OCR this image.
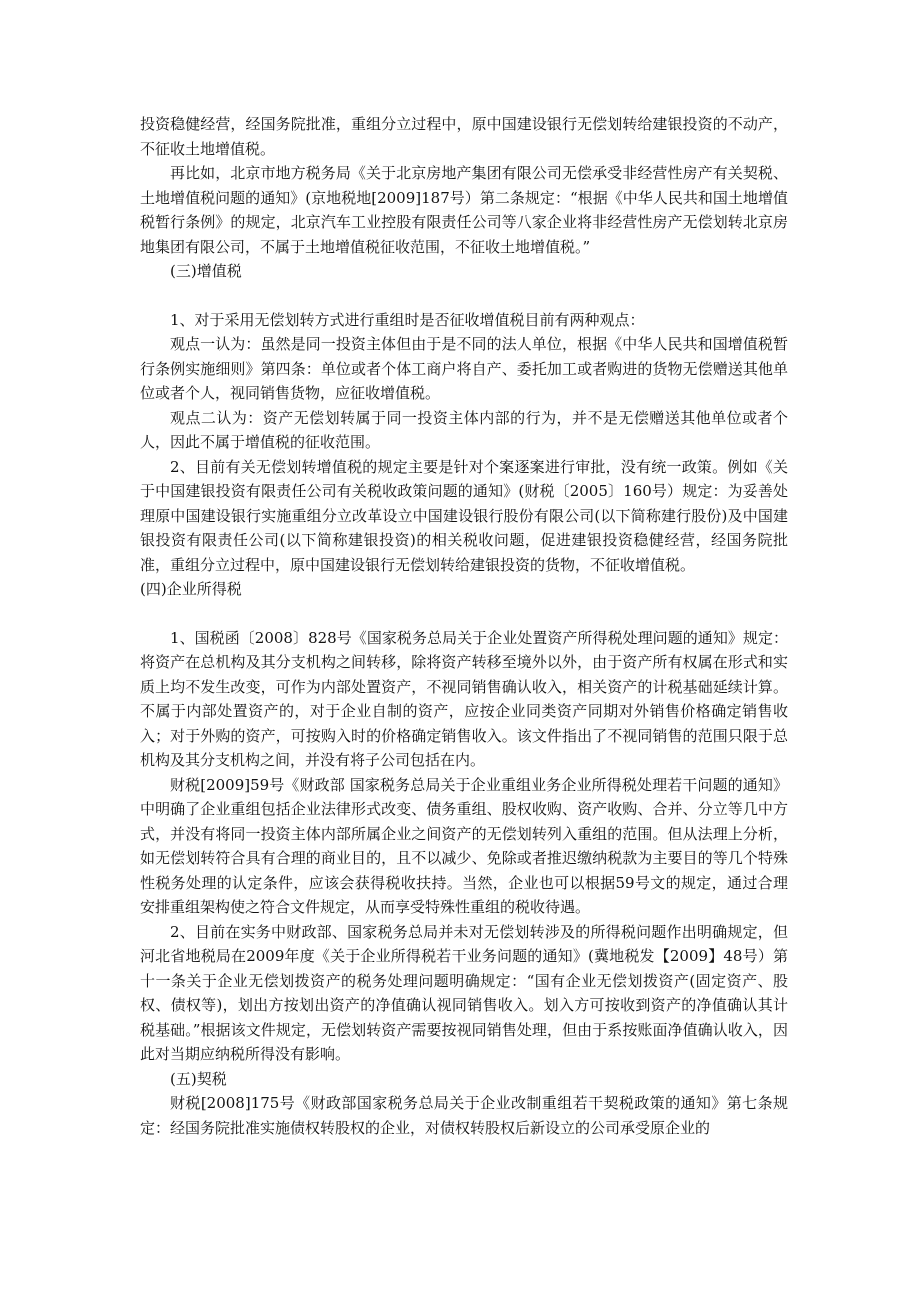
投资稳健经营，经国务院批准，重组分立过程中，原中国建设银行无偿划转给建银投资的不动产，不征收土地增值税。

再比如，北京市地方税务局《关于北京房地产集团有限公司无偿承受非经营性房产有关契税、土地增值税问题的通知》(京地税地[2009]187号）第二条规定：“根据《中华人民共和国土地增值税暂行条例》的规定，北京汽车工业控股有限责任公司等八家企业将非经营性房产无偿划转北京房地集团有限公司，不属于土地增值税征收范围，不征收土地增值税。”

(三)增值税

1、对于采用无偿划转方式进行重组时是否征收增值税目前有两种观点：

观点一认为：虽然是同一投资主体但由于是不同的法人单位，根据《中华人民共和国增值税暂行条例实施细则》第四条：单位或者个体工商户将自产、委托加工或者购进的货物无偿赠送其他单位或者个人，视同销售货物，应征收增值税。

观点二认为：资产无偿划转属于同一投资主体内部的行为，并不是无偿赠送其他单位或者个人，因此不属于增值税的征收范围。

2、目前有关无偿划转增值税的规定主要是针对个案逐案进行审批，没有统一政策。例如《关于中国建银投资有限责任公司有关税收政策问题的通知》(财税〔2005〕160号）规定：为妥善处理原中国建设银行实施重组分立改革设立中国建设银行股份有限公司(以下简称建行股份)及中国建银投资有限责任公司(以下简称建银投资)的相关税收问题，促进建银投资稳健经营，经国务院批准，重组分立过程中，原中国建设银行无偿划转给建银投资的货物，不征收增值税。

(四)企业所得税

1、国税函〔2008〕828号《国家税务总局关于企业处置资产所得税处理问题的通知》规定：将资产在总机构及其分支机构之间转移，除将资产转移至境外以外，由于资产所有权属在形式和实质上均不发生改变，可作为内部处置资产，不视同销售确认收入，相关资产的计税基础延续计算。不属于内部处置资产的，对于企业自制的资产，应按企业同类资产同期对外销售价格确定销售收入；对于外购的资产，可按购入时的价格确定销售收入。该文件指出了不视同销售的范围只限于总机构及其分支机构之间，并没有将子公司包括在内。

财税[2009]59号《财政部 国家税务总局关于企业重组业务企业所得税处理若干问题的通知》中明确了企业重组包括企业法律形式改变、债务重组、股权收购、资产收购、合并、分立等几中方式，并没有将同一投资主体内部所属企业之间资产的无偿划转列入重组的范围。但从法理上分析，如无偿划转符合具有合理的商业目的，且不以减少、免除或者推迟缴纳税款为主要目的等几个特殊性税务处理的认定条件，应该会获得税收扶持。当然，企业也可以根据59号文的规定，通过合理安排重组架构使之符合文件规定，从而享受特殊性重组的税收待遇。

2、目前在实务中财政部、国家税务总局并未对无偿划转涉及的所得税问题作出明确规定，但河北省地税局在2009年度《关于企业所得税若干业务问题的通知》(冀地税发【2009】48号）第十一条关于企业无偿划拨资产的税务处理问题明确规定：“国有企业无偿划拨资产(固定资产、股权、债权等)，划出方按划出资产的净值确认视同销售收入。划入方可按收到资产的净值确认其计税基础。”根据该文件规定，无偿划转资产需要按视同销售处理，但由于系按账面净值确认收入，因此对当期应纳税所得没有影响。

(五)契税

财税[2008]175号《财政部国家税务总局关于企业改制重组若干契税政策的通知》第七条规定：经国务院批准实施债权转股权的企业，对债权转股权后新设立的公司承受原企业的
